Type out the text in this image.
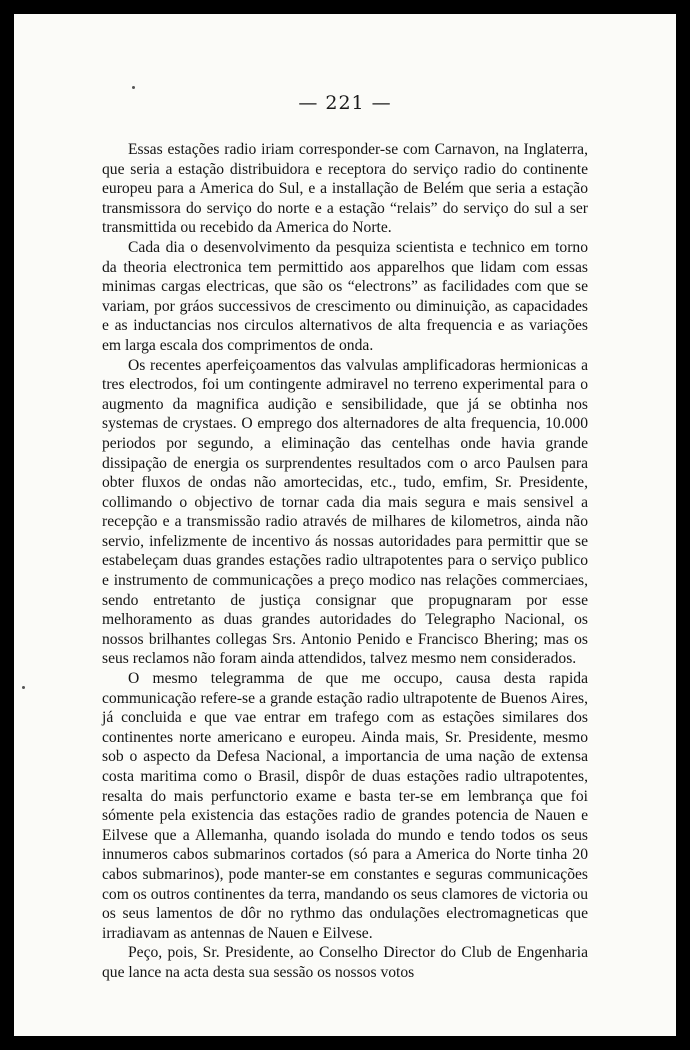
— 221 —

Essas estações radio iriam corresponder-se com Carnavon, na Inglaterra, que seria a estação distribuidora e receptora do serviço radio do continente europeu para a America do Sul, e a installação de Belém que seria a estação transmissora do serviço do norte e a estação “relais” do serviço do sul a ser transmittida ou recebido da America do Norte.

Cada dia o desenvolvimento da pesquiza scientista e technico em torno da theoria electronica tem permittido aos apparelhos que lidam com essas minimas cargas electricas, que são os “electrons” as facilidades com que se variam, por gráos successivos de crescimento ou diminuição, as capacidades e as inductancias nos circulos alternativos de alta frequencia e as variações em larga escala dos comprimentos de onda.

Os recentes aperfeiçoamentos das valvulas amplificadoras hermionicas a tres electrodos, foi um contingente admiravel no terreno experimental para o augmento da magnifica audição e sensibilidade, que já se obtinha nos systemas de crystaes. O emprego dos alternadores de alta frequencia, 10.000 periodos por segundo, a eliminação das centelhas onde havia grande dissipação de energia os surprendentes resultados com o arco Paulsen para obter fluxos de ondas não amortecidas, etc., tudo, emfim, Sr. Presidente, collimando o objectivo de tornar cada dia mais segura e mais sensivel a recepção e a transmissão radio através de milhares de kilometros, ainda não servio, infelizmente de incentivo ás nossas autoridades para permittir que se estabeleçam duas grandes estações radio ultrapotentes para o serviço publico e instrumento de communicações a preço modico nas relações commerciaes, sendo entretanto de justiça consignar que propugnaram por esse melhoramento as duas grandes autoridades do Telegrapho Nacional, os nossos brilhantes collegas Srs. Antonio Penido e Francisco Bhering; mas os seus reclamos não foram ainda attendidos, talvez mesmo nem considerados.

O mesmo telegramma de que me occupo, causa desta rapida communicação refere-se a grande estação radio ultrapotente de Buenos Aires, já concluida e que vae entrar em trafego com as estações similares dos continentes norte americano e europeu. Ainda mais, Sr. Presidente, mesmo sob o aspecto da Defesa Nacional, a importancia de uma nação de extensa costa maritima como o Brasil, dispôr de duas estações radio ultrapotentes, resalta do mais perfunctorio exame e basta ter-se em lembrança que foi sómente pela existencia das estações radio de grandes potencia de Nauen e Eilvese que a Allemanha, quando isolada do mundo e tendo todos os seus innumeros cabos submarinos cortados (só para a America do Norte tinha 20 cabos submarinos), pode manter-se em constantes e seguras communicações com os outros continentes da terra, mandando os seus clamores de victoria ou os seus lamentos de dôr no rythmo das ondulações electromagneticas que irradiavam as antennas de Nauen e Eilvese.

Peço, pois, Sr. Presidente, ao Conselho Director do Club de Engenharia que lance na acta desta sua sessão os nossos votos
